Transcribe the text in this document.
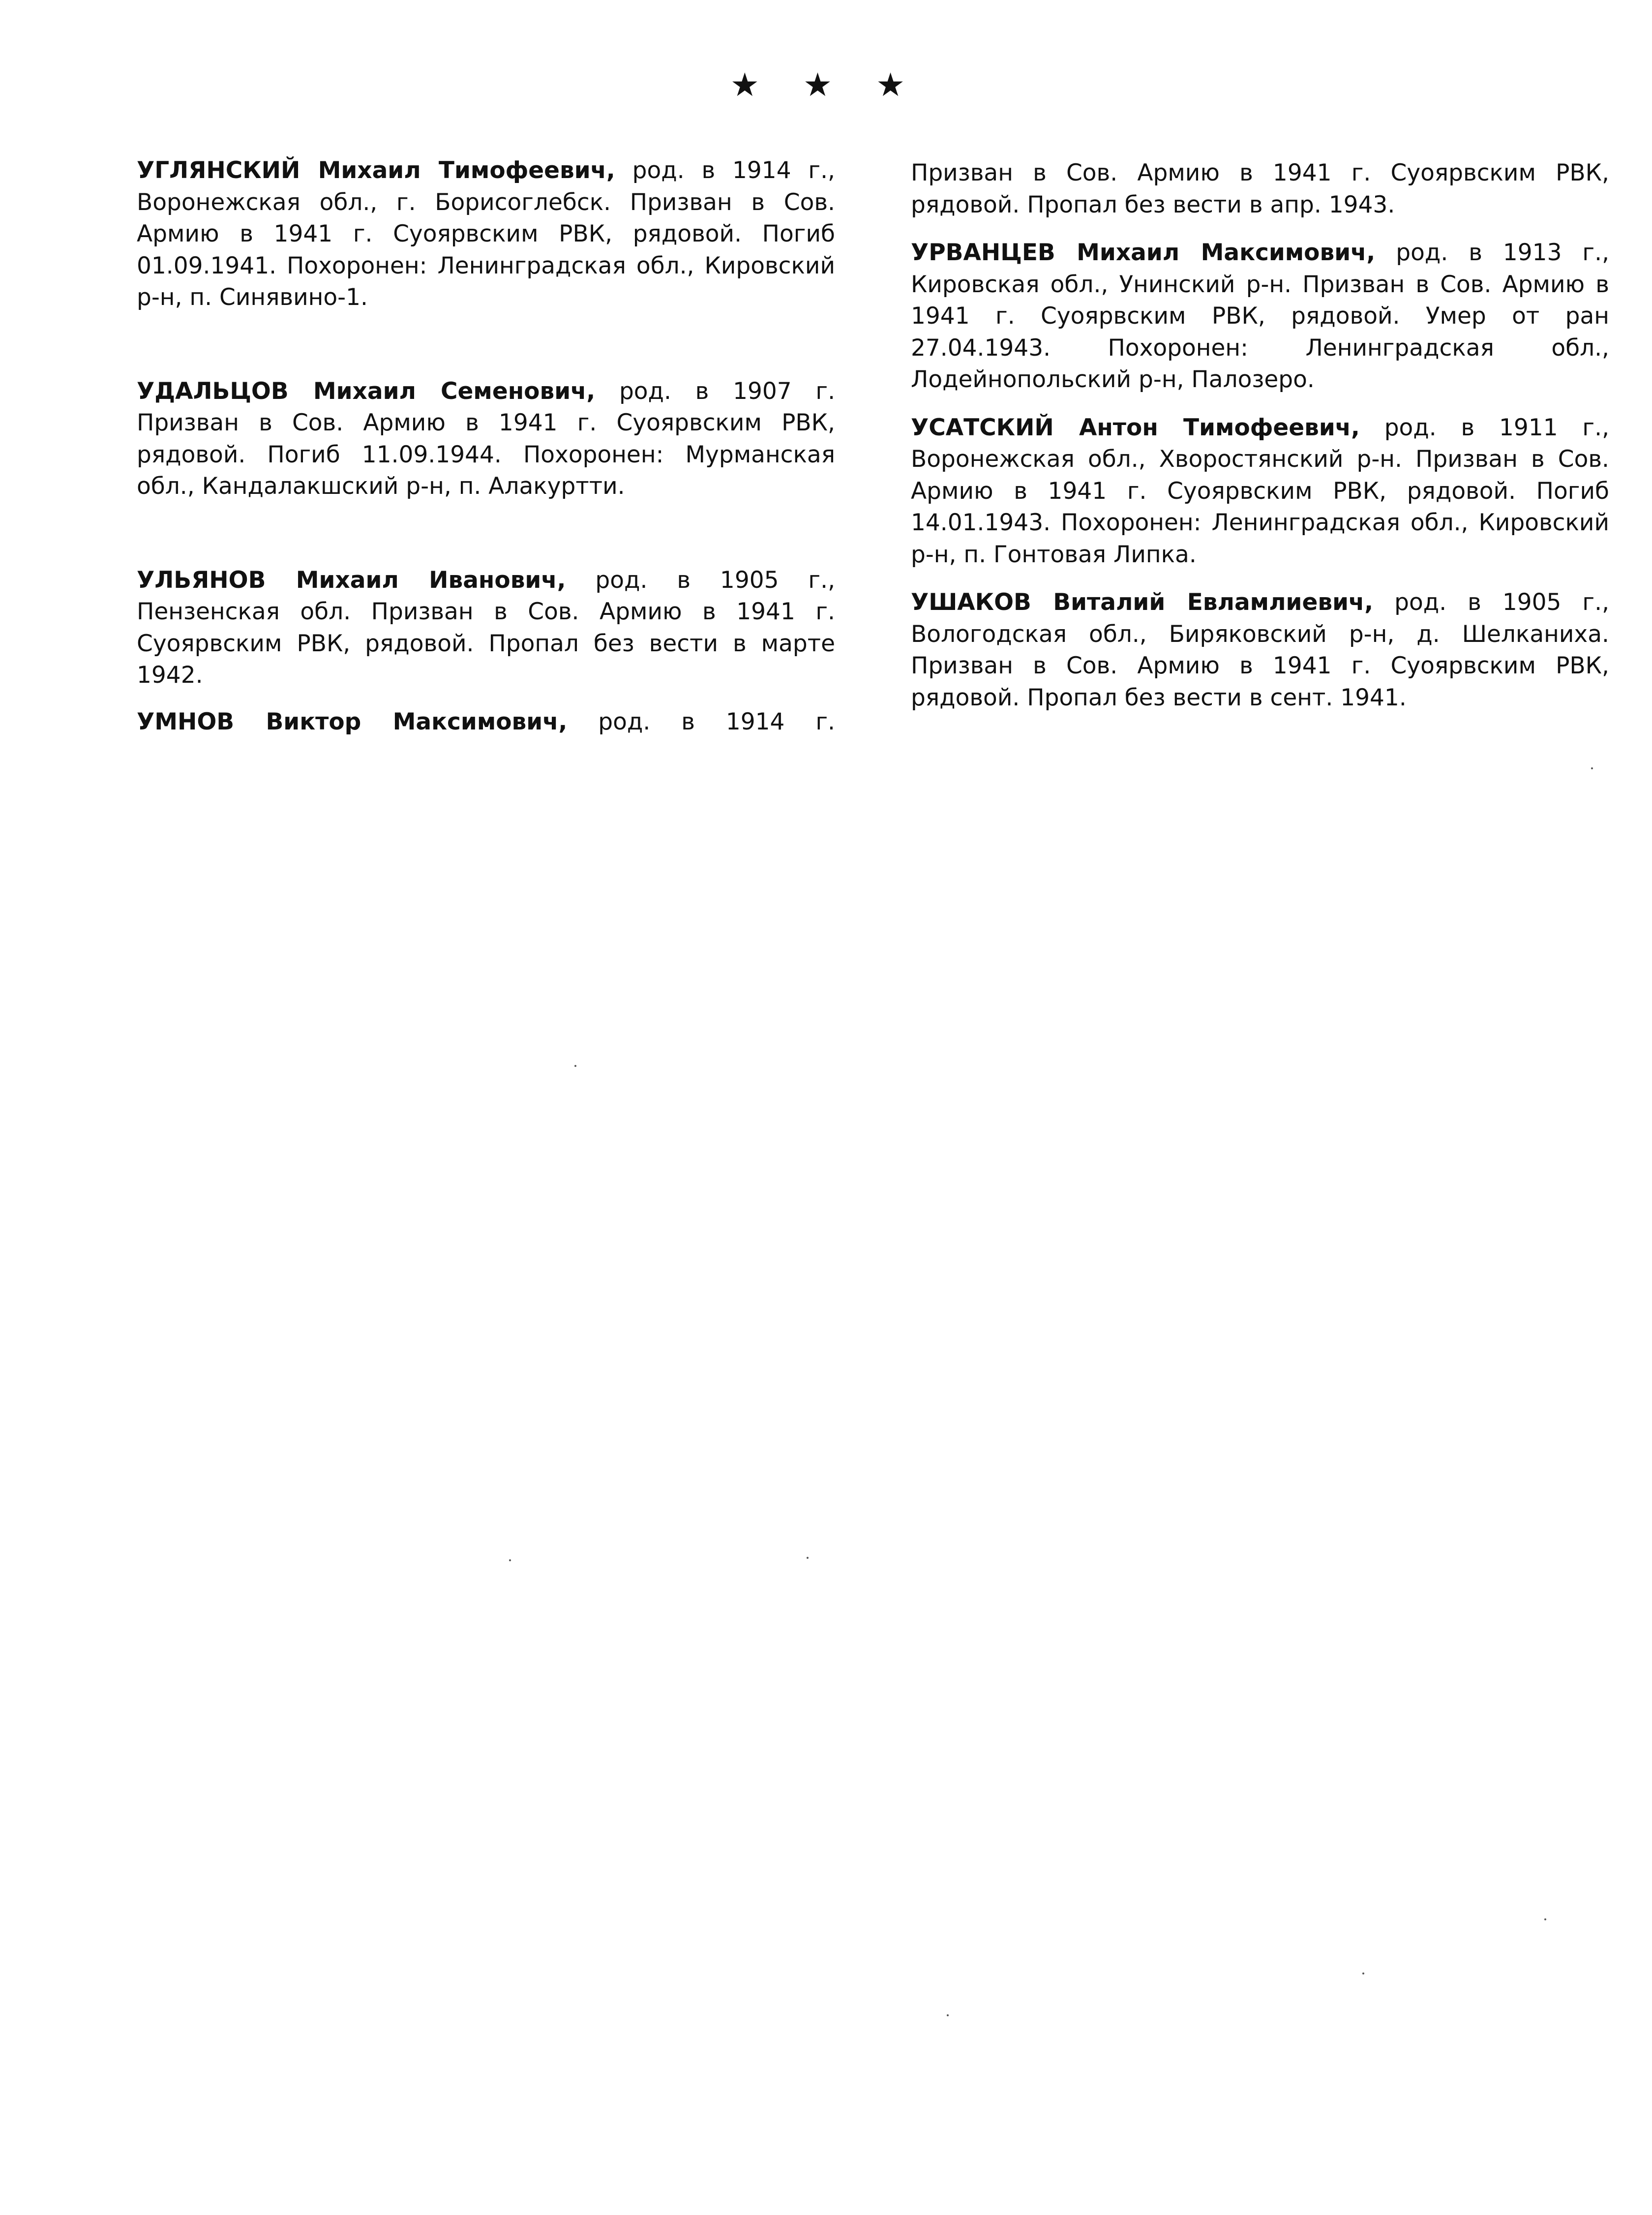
★ ★ ★

УГЛЯНСКИЙ Михаил Тимофеевич, род. в 1914 г., Воронежская обл., г. Борисоглебск. Призван в Сов. Армию в 1941 г. Суоярвским РВК, рядовой. Погиб 01.09.1941. Похоронен: Ленинградская обл., Кировский р-н, п. Синявино-1.

УДАЛЬЦОВ Михаил Семенович, род. в 1907 г. Призван в Сов. Армию в 1941 г. Суоярвским РВК, рядовой. Погиб 11.09.1944. Похоронен: Мурманская обл., Кандалакшский р-н, п. Алакуртти.

УЛЬЯНОВ Михаил Иванович, род. в 1905 г., Пензенская обл. Призван в Сов. Армию в 1941 г. Суоярвским РВК, рядовой. Пропал без вести в марте 1942.

УМНОВ Виктор Максимович, род. в 1914 г.

Призван в Сов. Армию в 1941 г. Суоярвским РВК, рядовой. Пропал без вести в апр. 1943.

УРВАНЦЕВ Михаил Максимович, род. в 1913 г., Кировская обл., Унинский р-н. Призван в Сов. Армию в 1941 г. Суоярвским РВК, рядовой. Умер от ран 27.04.1943. Похоронен: Ленинградская обл., Лодейнопольский р-н, Палозеро.

УСАТСКИЙ Антон Тимофеевич, род. в 1911 г., Воронежская обл., Хворостянский р-н. Призван в Сов. Армию в 1941 г. Суоярвским РВК, рядовой. Погиб 14.01.1943. Похоронен: Ленинградская обл., Кировский р-н, п. Гонтовая Липка.

УШАКОВ Виталий Евламлиевич, род. в 1905 г., Вологодская обл., Биряковский р-н, д. Шелканиха. Призван в Сов. Армию в 1941 г. Суоярвским РВК, рядовой. Пропал без вести в сент. 1941.
